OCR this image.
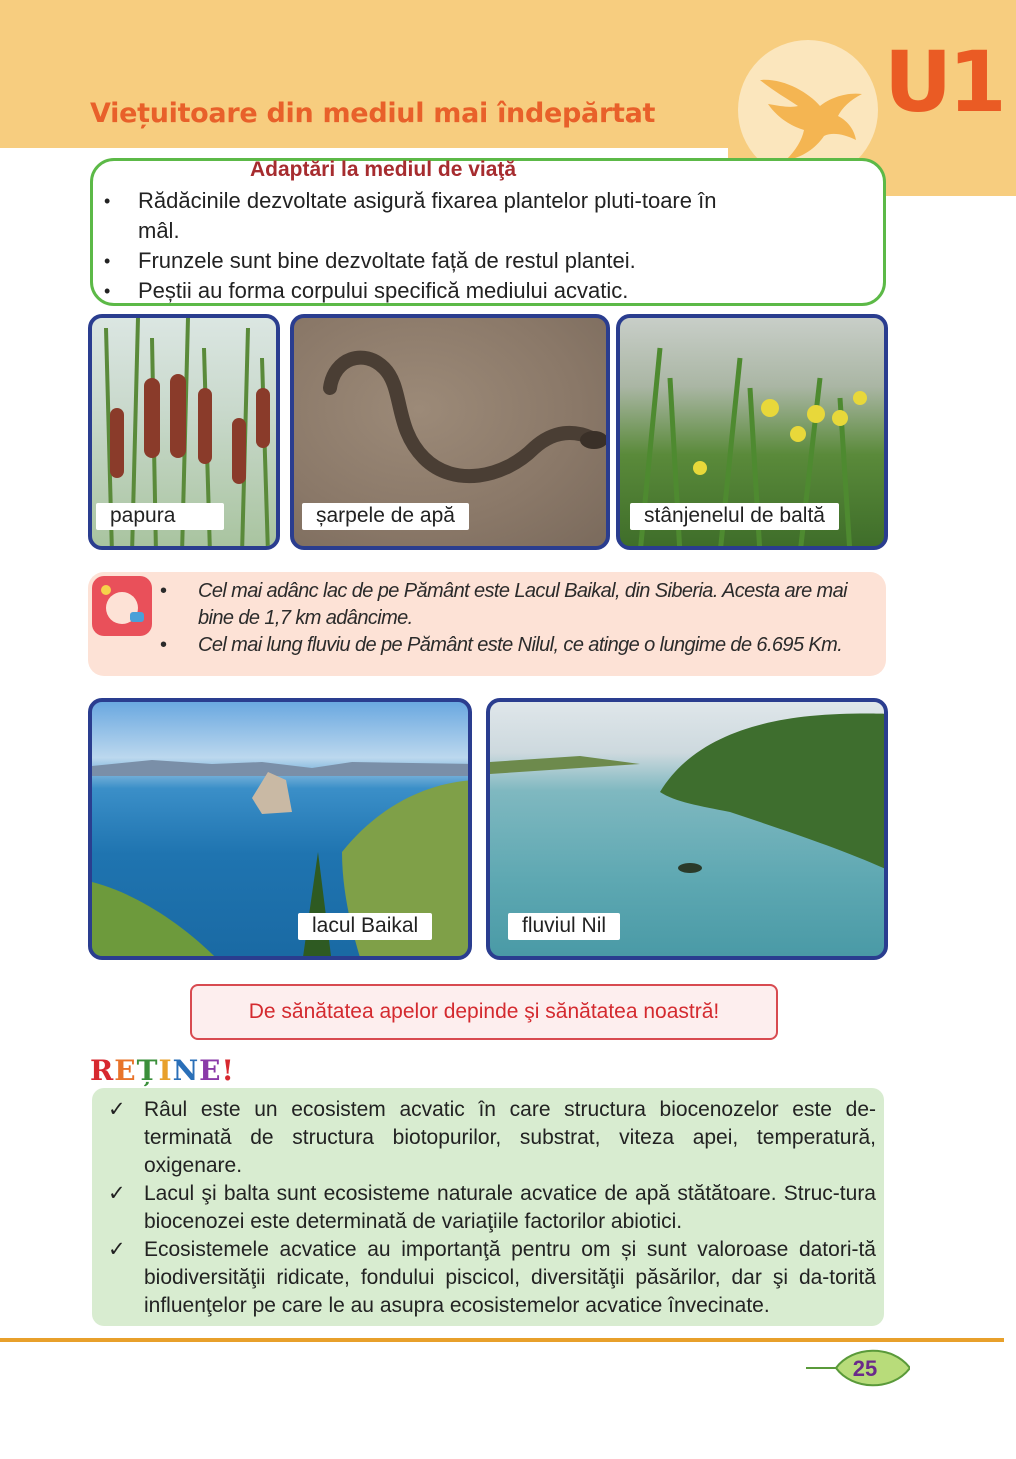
U1
Viețuitoare din mediul mai îndepărtat
Adaptări la mediul de viaţă
• Rădăcinile dezvoltate asigură fixarea plantelor pluti-toare în mâl.
• Frunzele sunt bine dezvoltate față de restul plantei.
• Peștii au forma corpului specifică mediului acvatic.
papura	șarpele de apă	stânjenelul de baltă
• Cel mai adânc lac de pe Pământ este Lacul Baikal, din Siberia. Acesta are mai bine de 1,7 km adâncime.
• Cel mai lung fluviu de pe Pământ este Nilul, ce atinge o lungime de 6.695 Km.
lacul Baikal	fluviul Nil
De sănătatea apelor depinde şi sănătatea noastră!
REȚINE!
✓ Râul este un ecosistem acvatic în care structura biocenozelor este de-terminată de structura biotopurilor, substrat, viteza apei, temperatură, oxigenare.
✓ Lacul şi balta sunt ecosisteme naturale acvatice de apă stătătoare. Struc-tura biocenozei este determinată de variaţiile factorilor abiotici.
✓ Ecosistemele acvatice au importanţă pentru om și sunt valoroase datori-tă biodiversităţii ridicate, fondului piscicol, diversităţii păsărilor, dar şi da-torită influenţelor pe care le au asupra ecosistemelor acvatice învecinate.
25
